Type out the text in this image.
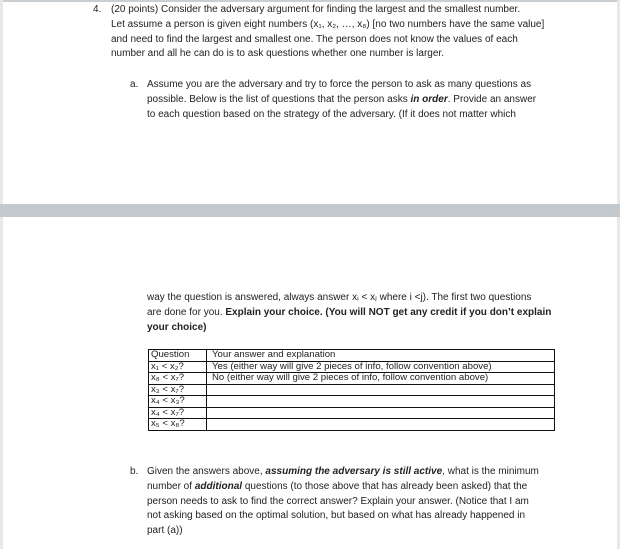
4. (20 points) Consider the adversary argument for finding the largest and the smallest number.
Let assume a person is given eight numbers (x₁, x₂, …, x₈) [no two numbers have the same value]
and need to find the largest and smallest one. The person does not know the values of each
number and all he can do is to ask questions whether one number is larger.
a. Assume you are the adversary and try to force the person to ask as many questions as
possible. Below is the list of questions that the person asks in order. Provide an answer
to each question based on the strategy of the adversary. (If it does not matter which
way the question is answered, always answer xᵢ < xⱼ where i <j). The first two questions
are done for you. Explain your choice. (You will NOT get any credit if you don’t explain
your choice)
Question	Your answer and explanation
x₁ < x₂?	Yes (either way will give 2 pieces of info, follow convention above)
x₈ < x₇?	No (either way will give 2 pieces of info, follow convention above)
x₃ < x₇?	
x₄ < x₃?	
x₄ < x₇?	
x₅ < x₈?	
b. Given the answers above, assuming the adversary is still active, what is the minimum
number of additional questions (to those above that has already been asked) that the
person needs to ask to find the correct answer? Explain your answer. (Notice that I am
not asking based on the optimal solution, but based on what has already happened in
part (a))
